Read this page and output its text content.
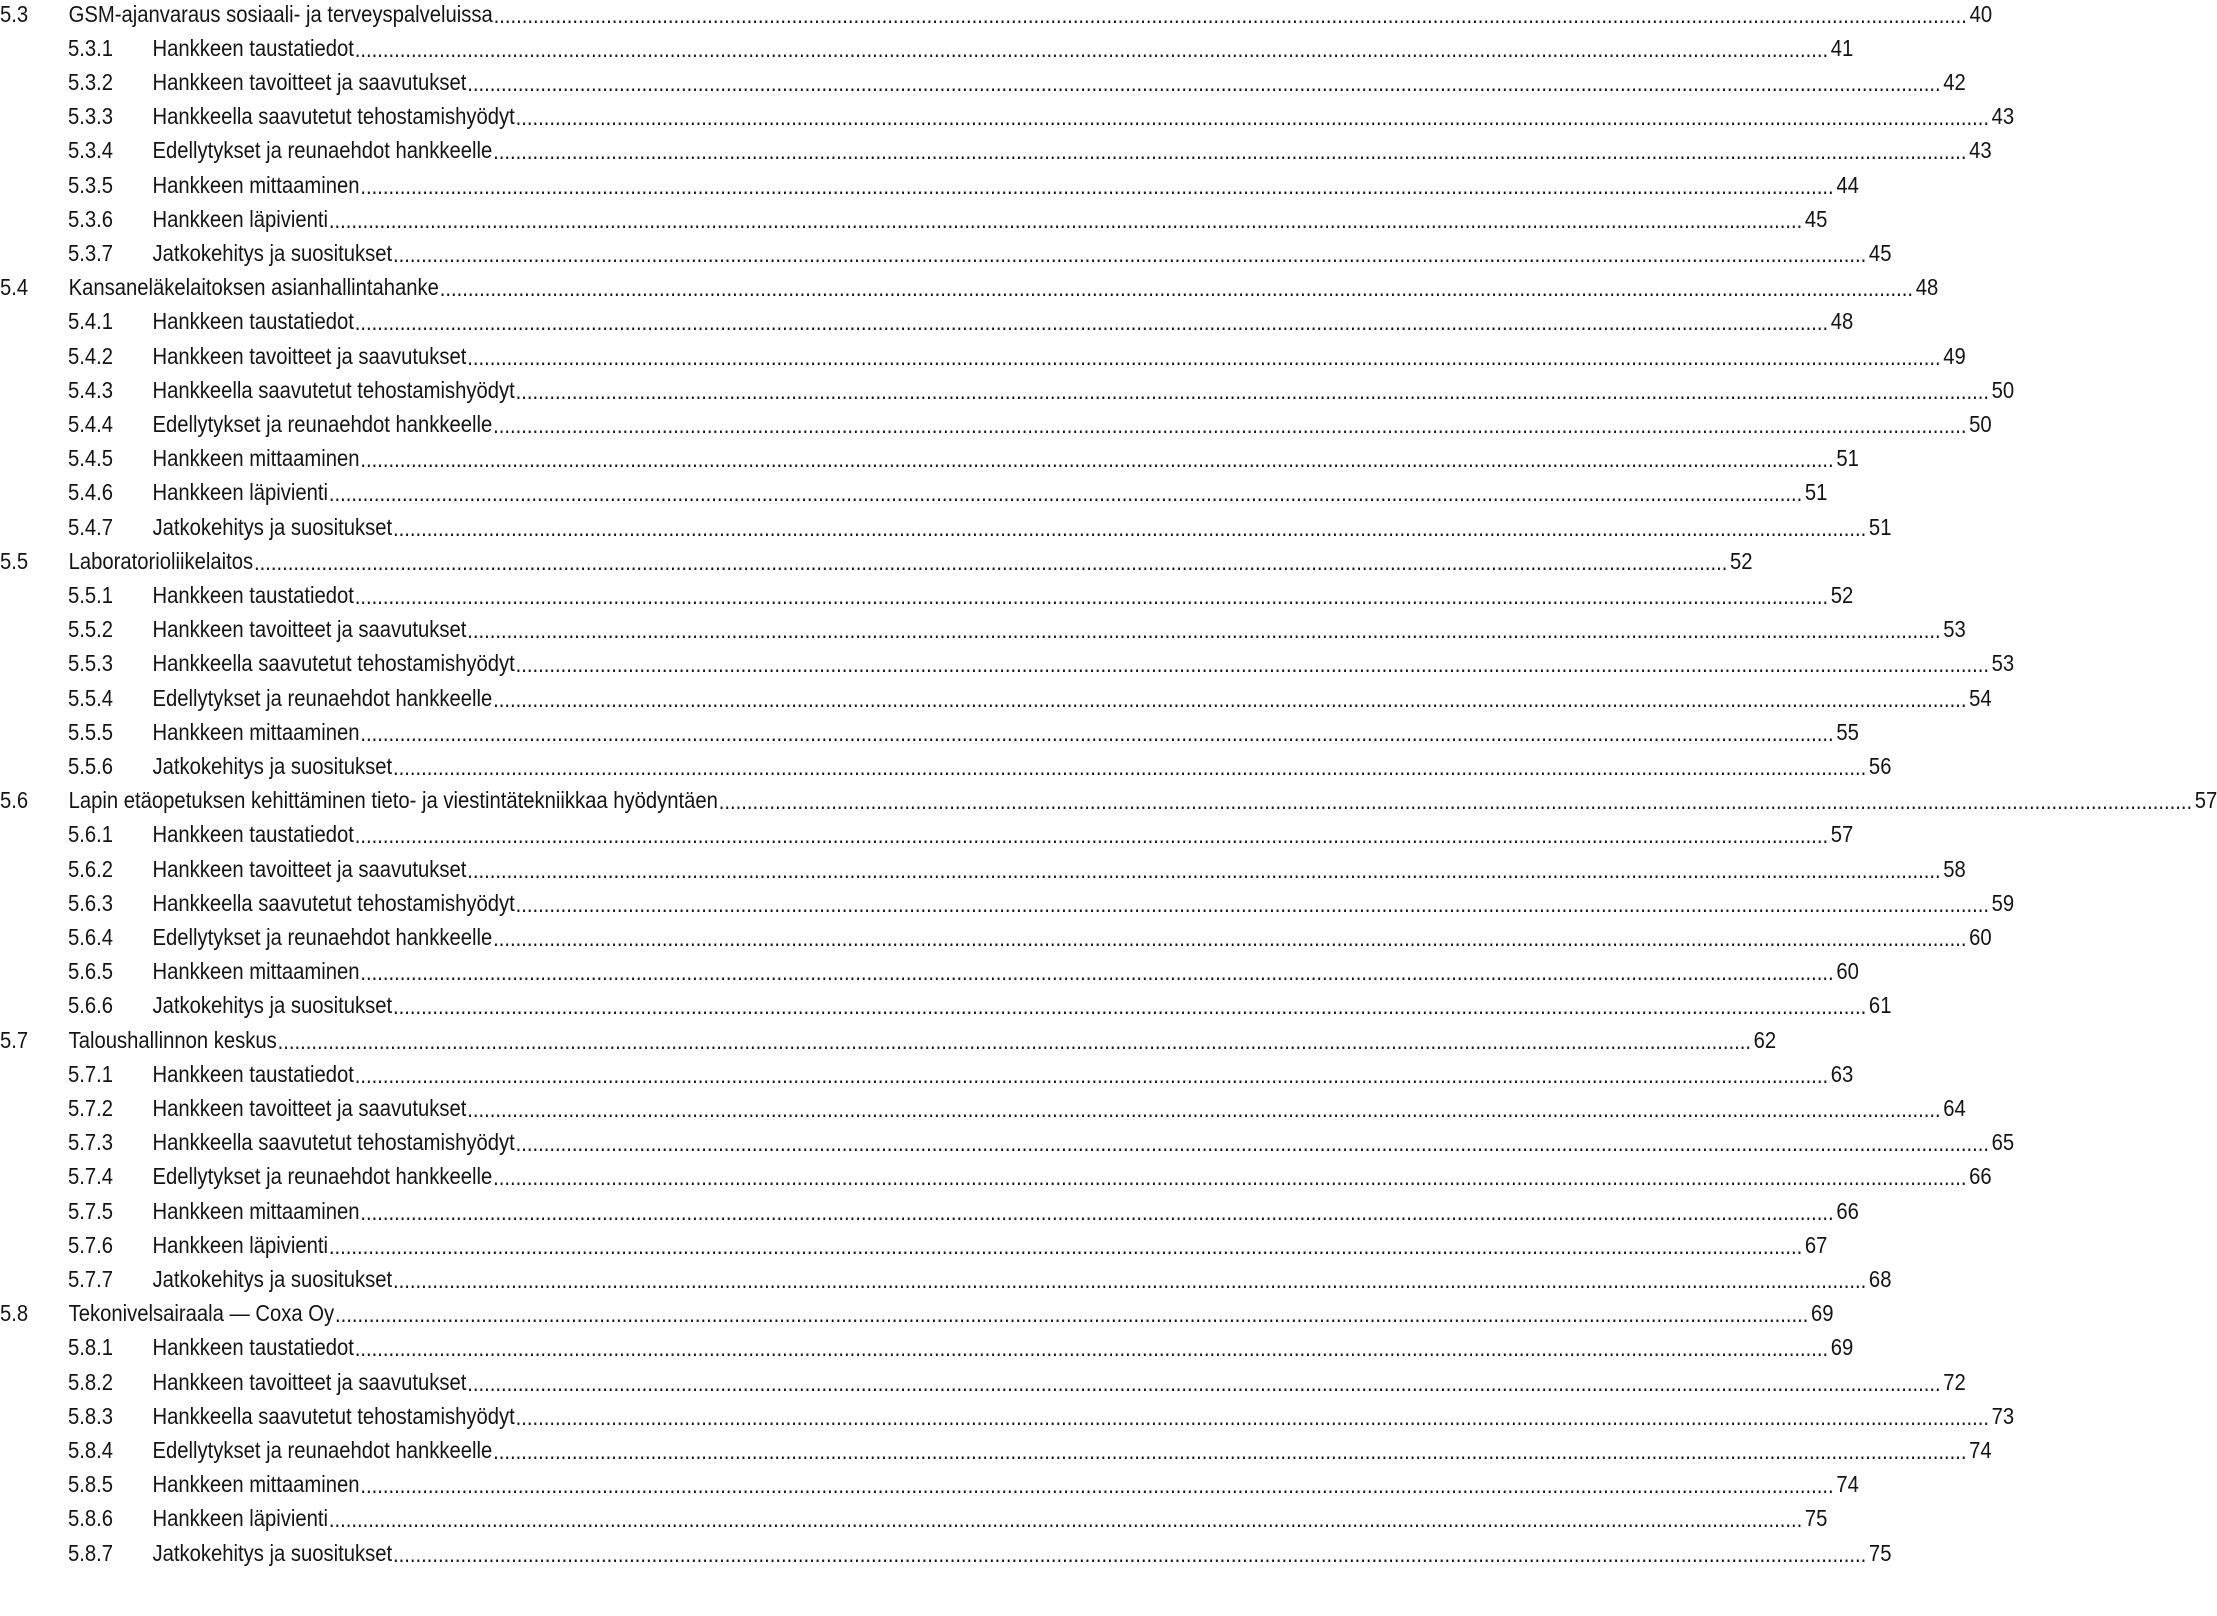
5.3	GSM-ajanvaraus sosiaali- ja terveyspalveluissa ...................................................................................................................................................................................................................................................................... 40
5.3.1	Hankkeen taustatiedot ...................................................................................................................................................................................................................................................................... 41
5.3.2	Hankkeen tavoitteet ja saavutukset ...................................................................................................................................................................................................................................................................... 42
5.3.3	Hankkeella saavutetut tehostamishyödyt ...................................................................................................................................................................................................................................................................... 43
5.3.4	Edellytykset ja reunaehdot hankkeelle ...................................................................................................................................................................................................................................................................... 43
5.3.5	Hankkeen mittaaminen ...................................................................................................................................................................................................................................................................... 44
5.3.6	Hankkeen läpivienti ...................................................................................................................................................................................................................................................................... 45
5.3.7	Jatkokehitys ja suositukset ...................................................................................................................................................................................................................................................................... 45
5.4	Kansaneläkelaitoksen asianhallintahanke ...................................................................................................................................................................................................................................................................... 48
5.4.1	Hankkeen taustatiedot ...................................................................................................................................................................................................................................................................... 48
5.4.2	Hankkeen tavoitteet ja saavutukset ...................................................................................................................................................................................................................................................................... 49
5.4.3	Hankkeella saavutetut tehostamishyödyt ...................................................................................................................................................................................................................................................................... 50
5.4.4	Edellytykset ja reunaehdot hankkeelle ...................................................................................................................................................................................................................................................................... 50
5.4.5	Hankkeen mittaaminen ...................................................................................................................................................................................................................................................................... 51
5.4.6	Hankkeen läpivienti ...................................................................................................................................................................................................................................................................... 51
5.4.7	Jatkokehitys ja suositukset ...................................................................................................................................................................................................................................................................... 51
5.5	Laboratorioliikelaitos ...................................................................................................................................................................................................................................................................... 52
5.5.1	Hankkeen taustatiedot ...................................................................................................................................................................................................................................................................... 52
5.5.2	Hankkeen tavoitteet ja saavutukset ...................................................................................................................................................................................................................................................................... 53
5.5.3	Hankkeella saavutetut tehostamishyödyt ...................................................................................................................................................................................................................................................................... 53
5.5.4	Edellytykset ja reunaehdot hankkeelle ...................................................................................................................................................................................................................................................................... 54
5.5.5	Hankkeen mittaaminen ...................................................................................................................................................................................................................................................................... 55
5.5.6	Jatkokehitys ja suositukset ...................................................................................................................................................................................................................................................................... 56
5.6	Lapin etäopetuksen kehittäminen tieto- ja viestintätekniikkaa hyödyntäen ...................................................................................................................................................................................................................................................................... 57
5.6.1	Hankkeen taustatiedot ...................................................................................................................................................................................................................................................................... 57
5.6.2	Hankkeen tavoitteet ja saavutukset ...................................................................................................................................................................................................................................................................... 58
5.6.3	Hankkeella saavutetut tehostamishyödyt ...................................................................................................................................................................................................................................................................... 59
5.6.4	Edellytykset ja reunaehdot hankkeelle ...................................................................................................................................................................................................................................................................... 60
5.6.5	Hankkeen mittaaminen ...................................................................................................................................................................................................................................................................... 60
5.6.6	Jatkokehitys ja suositukset ...................................................................................................................................................................................................................................................................... 61
5.7	Taloushallinnon keskus ...................................................................................................................................................................................................................................................................... 62
5.7.1	Hankkeen taustatiedot ...................................................................................................................................................................................................................................................................... 63
5.7.2	Hankkeen tavoitteet ja saavutukset ...................................................................................................................................................................................................................................................................... 64
5.7.3	Hankkeella saavutetut tehostamishyödyt ...................................................................................................................................................................................................................................................................... 65
5.7.4	Edellytykset ja reunaehdot hankkeelle ...................................................................................................................................................................................................................................................................... 66
5.7.5	Hankkeen mittaaminen ...................................................................................................................................................................................................................................................................... 66
5.7.6	Hankkeen läpivienti ...................................................................................................................................................................................................................................................................... 67
5.7.7	Jatkokehitys ja suositukset ...................................................................................................................................................................................................................................................................... 68
5.8	Tekonivelsairaala — Coxa Oy ...................................................................................................................................................................................................................................................................... 69
5.8.1	Hankkeen taustatiedot ...................................................................................................................................................................................................................................................................... 69
5.8.2	Hankkeen tavoitteet ja saavutukset ...................................................................................................................................................................................................................................................................... 72
5.8.3	Hankkeella saavutetut tehostamishyödyt ...................................................................................................................................................................................................................................................................... 73
5.8.4	Edellytykset ja reunaehdot hankkeelle ...................................................................................................................................................................................................................................................................... 74
5.8.5	Hankkeen mittaaminen ...................................................................................................................................................................................................................................................................... 74
5.8.6	Hankkeen läpivienti ...................................................................................................................................................................................................................................................................... 75
5.8.7	Jatkokehitys ja suositukset ...................................................................................................................................................................................................................................................................... 75
